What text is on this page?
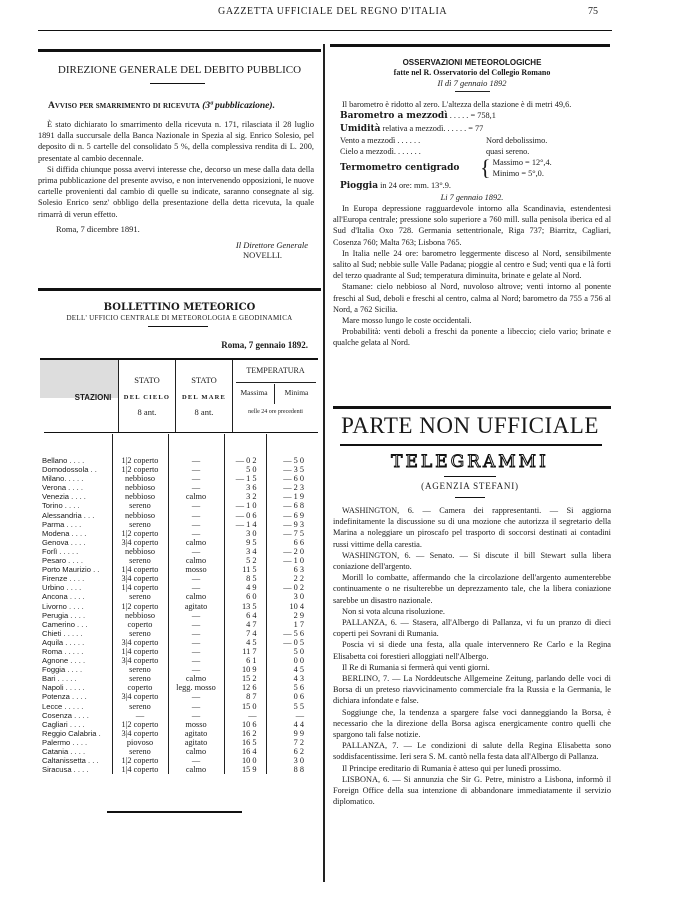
GAZZETTA UFFICIALE DEL REGNO D'ITALIA	75
DIREZIONE GENERALE DEL DEBITO PUBBLICO
Avviso per smarrimento di ricevuta (3ª pubblicazione).

È stato dichiarato lo smarrimento della ricevuta n. 171, rilasciata il 28 luglio 1891 dalla succursale della Banca Nazionale in Spezia al sig. Enrico Solesio, pel deposito di n. 5 cartelle del consolidato 5 %, della complessiva rendita di L. 200, presentate al cambio decennale.

Si diffida chiunque possa avervi interesse che, decorso un mese dalla data della prima pubblicazione del presente avviso, e non intervenendo opposizioni, le nuove cartelle provenienti dal cambio di quelle su indicate, saranno consegnate al sig. Solesio Enrico senz' obbligo della presentazione della detta ricevuta, la quale rimarrà di verun effetto.

Roma, 7 dicembre 1891.
Il Direttore Generale
NOVELLI.
BOLLETTINO METEORICO
DELL' UFFICIO CENTRALE DI METEOROLOGIA E GEODINAMICA
Roma, 7 gennaio 1892.
STAZIONI
STATO
DEL CIELO
8 ant.
STATO
DEL MARE
8 ant.
TEMPERATURA
Massima	Minima
nelle 24 ore precedenti

Bellano . . . .	1|2 coperto	—	— 0 2	— 5 0
Domodossola . .	1|2 coperto	—	5 0	— 3 5
Milano. . . . .	nebbioso	—	— 1 5	— 6 0
Verona . . . .	nebbioso	—	3 6	— 2 3
Venezia . . . .	nebbioso	calmo	3 2	— 1 9
Torino . . . .	sereno	—	— 1 0	— 6 8
Alessandria . . .	nebbioso	—	— 0 6	— 6 9
Parma . . . .	sereno	—	— 1 4	— 9 3
Modena . . . .	1|2 coperto	—	3 0	— 7 5
Genova . . . .	3|4 coperto	calmo	9 5	6 6
Forlì . . . . .	nebbioso	—	3 4	— 2 0
Pesaro . . . .	sereno	calmo	5 2	— 1 0
Porto Maurizio . .	1|4 coperto	mosso	11 5	6 3
Firenze . . . .	3|4 coperto	—	8 5	2 2
Urbino . . . .	1|4 coperto	—	4 9	— 0 2
Ancona . . . .	sereno	calmo	6 0	3 0
Livorno . . . .	1|2 coperto	agitato	13 5	10 4
Perugia . . . .	nebbioso	—	6 4	2 9
Camerino . . .	coperto	—	4 7	1 7
Chieti . . . . .	sereno	—	7 4	— 5 6
Aquila . . . . .	3|4 coperto	—	4 5	— 0 5
Roma . . . . .	1|4 coperto	—	11 7	5 0
Agnone . . . .	3|4 coperto	—	6 1	0 0
Foggia . . . .	sereno	—	10 9	4 5
Bari . . . . .	sereno	calmo	15 2	4 3
Napoli . . . . .	coperto	legg. mosso	12 6	5 6
Potenza . . . .	3|4 coperto	—	8 7	0 6
Lecce . . . . .	sereno	—	15 0	5 5
Cosenza . . . .	—	—	—	—
Cagliari . . . .	1|2 coperto	mosso	10 6	4 4
Reggio Calabria .	3|4 coperto	agitato	16 2	9 9
Palermo . . . .	piovoso	agitato	16 5	7 2
Catania . . . .	sereno	calmo	16 4	6 2
Caltanissetta . . .	1|2 coperto	—	10 0	3 0
Siracusa . . . .	1|4 coperto	calmo	15 9	8 8
OSSERVAZIONI METEOROLOGICHE
fatte nel R. Osservatorio del Collegio Romano
Il dì 7 gennaio 1892

Il barometro è ridotto al zero. L'altezza della stazione è di metri 49,6.

Barometro a mezzodì . . . . . = 758,1
Umidità relativa a mezzodì. . . . . . = 77
Vento a mezzodì . . . . . .	Nord debolissimo.
Cielo a mezzodì. . . . . . .	quasi sereno.
Termometro centigrado { Massimo = 12°,4.
Minimo = 5°,0.
Pioggia in 24 ore: mm. 13°.9.
Li 7 gennaio 1892.

In Europa depressione ragguardevole intorno alla Scandinavia, estendentesi all'Europa centrale; pressione solo superiore a 760 mill. sulla penisola iberica ed al Sud d'Italia Oxo 728. Germania settentrionale, Riga 737; Biarritz, Cagliari, Cosenza 760; Malta 763; Lisbona 765.

In Italia nelle 24 ore: barometro leggermente disceso al Nord, sensibilmente salito al Sud; nebbie sulle Valle Padana; pioggie al centro e Sud; venti qua e là forti del terzo quadrante al Sud; temperatura diminuita, brinate e gelate al Nord.

Stamane: cielo nebbioso al Nord, nuvoloso altrove; venti intorno al ponente freschi al Sud, deboli e freschi al centro, calma al Nord; barometro da 755 a 756 al Nord, a 762 Sicilia.

Mare mosso lungo le coste occidentali.

Probabilità: venti deboli a freschi da ponente a libeccio; cielo vario; brinate e qualche gelata al Nord.

PARTE NON UFFICIALE
TELEGRAMMI
(AGENZIA STEFANI)

WASHINGTON, 6. — Camera dei rappresentanti. — Si aggiorna indefinitamente la discussione su di una mozione che autorizza il segretario della Marina a noleggiare un piroscafo pel trasporto di soccorsi destinati ai contadini russi vittime della carestia.

WASHINGTON, 6. — Senato. — Si discute il bill Stewart sulla libera coniazione dell'argento.

Morill lo combatte, affermando che la circolazione dell'argento aumenterebbe continuamente o ne risulterebbe un deprezzamento tale, che la libera coniazione sarebbe un disastro nazionale.

Non si vota alcuna risoluzione.

PALLANZA, 6. — Stasera, all'Albergo di Pallanza, vi fu un pranzo di dieci coperti pei Sovrani di Rumania.

Poscia vi si diede una festa, alla quale intervennero Re Carlo e la Regina Elisabetta coi forestieri alloggiati nell'Albergo.

Il Re di Rumania si fermerà qui venti giorni.

BERLINO, 7. — La Norddeutsche Allgemeine Zeitung, parlando delle voci di Borsa di un preteso riavvicinamento commerciale fra la Russia e la Germania, le dichiara infondate e false.

Soggiunge che, la tendenza a spargere false voci danneggiando la Borsa, è necessario che la direzione della Borsa agisca energicamente contro quelli che spargono tali false notizie.

PALLANZA, 7. — Le condizioni di salute della Regina Elisabetta sono soddisfacentissime. Ieri sera S. M. cantò nella festa data all'Albergo di Pallanza.

Il Principe ereditario di Rumania è atteso qui per lunedì prossimo.

LISBONA, 6. — Si annunzia che Sir G. Petre, ministro a Lisbona, informò il Foreign Office della sua intenzione di abbandonare immediatamente il servizio diplomatico.
